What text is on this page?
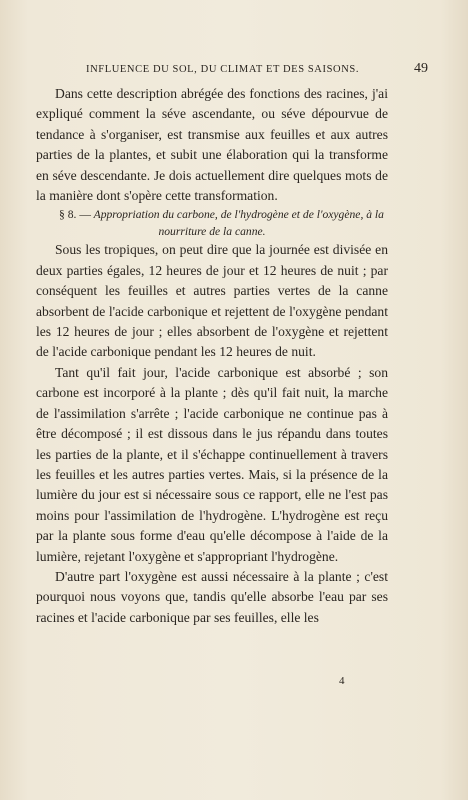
INFLUENCE DU SOL, DU CLIMAT ET DES SAISONS.	49

Dans cette description abrégée des fonctions des racines, j'ai expliqué comment la séve ascendante, ou séve dépourvue de tendance à s'organiser, est transmise aux feuilles et aux autres parties de la plantes, et subit une élaboration qui la transforme en séve descendante. Je dois actuellement dire quelques mots de la manière dont s'opère cette transformation.

§ 8. — Appropriation du carbone, de l'hydrogène et de l'oxygène, à la nourriture de la canne.

Sous les tropiques, on peut dire que la journée est divisée en deux parties égales, 12 heures de jour et 12 heures de nuit ; par conséquent les feuilles et autres parties vertes de la canne absorbent de l'acide carbonique et rejettent de l'oxygène pendant les 12 heures de jour ; elles absorbent de l'oxygène et rejettent de l'acide carbonique pendant les 12 heures de nuit.

Tant qu'il fait jour, l'acide carbonique est absorbé ; son carbone est incorporé à la plante ; dès qu'il fait nuit, la marche de l'assimilation s'arrête ; l'acide carbonique ne continue pas à être décomposé ; il est dissous dans le jus répandu dans toutes les parties de la plante, et il s'échappe continuellement à travers les feuilles et les autres parties vertes. Mais, si la présence de la lumière du jour est si nécessaire sous ce rapport, elle ne l'est pas moins pour l'assimilation de l'hydrogène. L'hydrogène est reçu par la plante sous forme d'eau qu'elle décompose à l'aide de la lumière, rejetant l'oxygène et s'appropriant l'hydrogène.

D'autre part l'oxygène est aussi nécessaire à la plante ; c'est pourquoi nous voyons que, tandis qu'elle absorbe l'eau par ses racines et l'acide carbonique par ses feuilles, elle les

4
